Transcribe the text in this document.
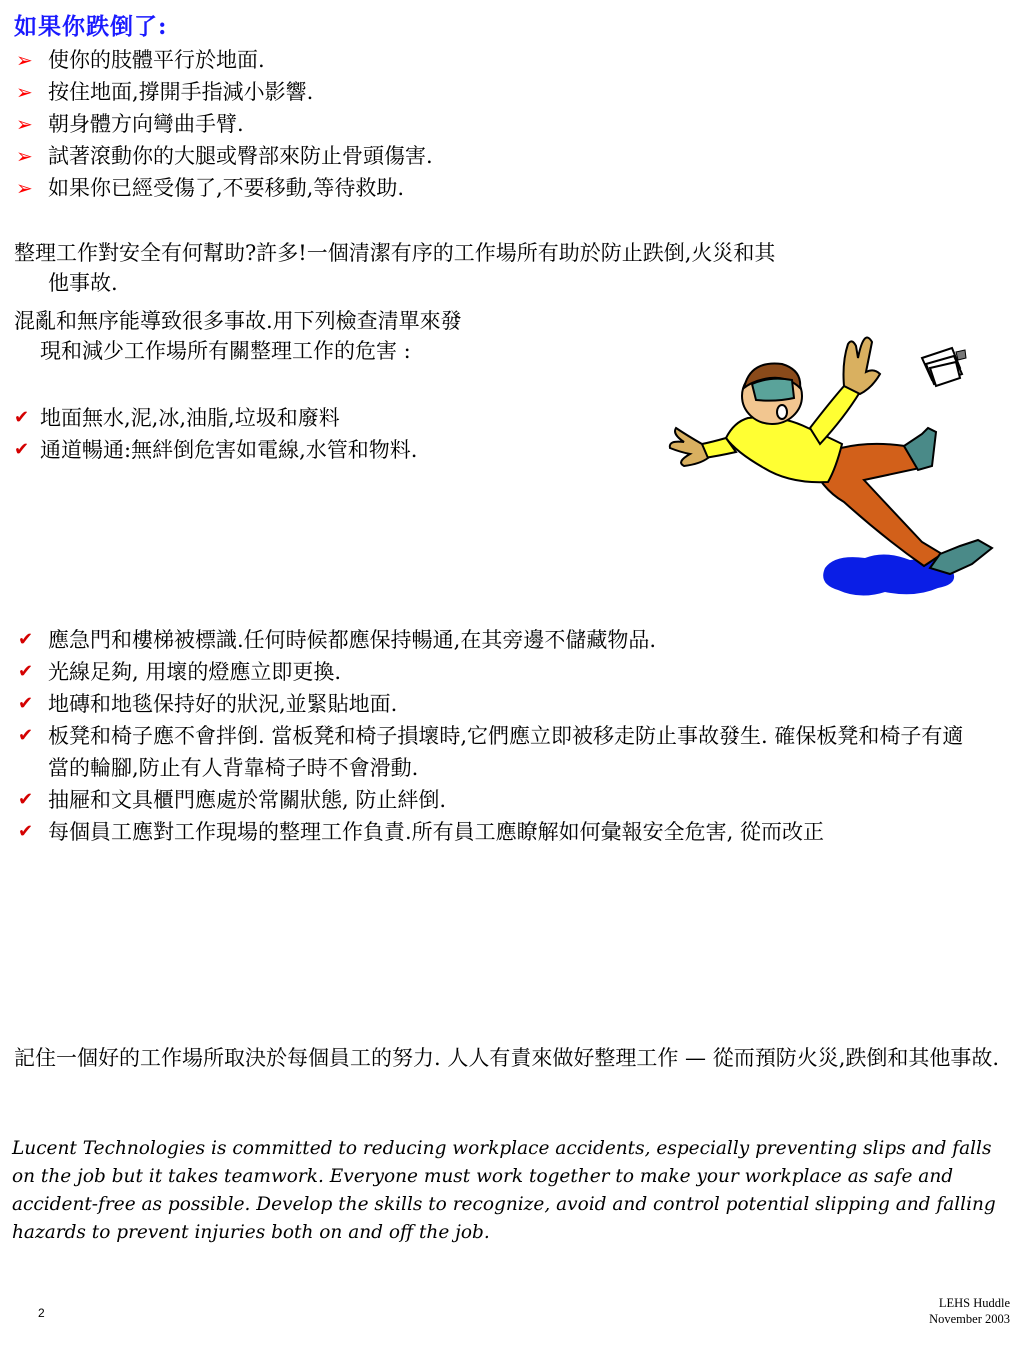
如果你跌倒了:
➢ 使你的肢體平行於地面.
➢ 按住地面,撐開手指減小影響.
➢ 朝身體方向彎曲手臂.
➢ 試著滾動你的大腿或臀部來防止骨頭傷害.
➢ 如果你已經受傷了,不要移動,等待救助.
整理工作對安全有何幫助?許多!一個清潔有序的工作場所有助於防止跌倒,火災和其
他事故.
混亂和無序能導致很多事故.用下列檢查清單來發
現和減少工作場所有關整理工作的危害 :
✔ 地面無水,泥,冰,油脂,垃圾和廢料
✔ 通道暢通:無絆倒危害如電線,水管和物料.
✔ 應急門和樓梯被標識.任何時候都應保持暢通,在其旁邊不儲藏物品.
✔ 光線足夠, 用壞的燈應立即更換.
✔ 地磚和地毯保持好的狀況,並緊貼地面.
✔ 板凳和椅子應不會拌倒. 當板凳和椅子損壞時,它們應立即被移走防止事故發生. 確保板凳和椅子有適當的輪腳,防止有人背靠椅子時不會滑動.
✔ 抽屜和文具櫃門應處於常關狀態, 防止絆倒.
✔ 每個員工應對工作現場的整理工作負責.所有員工應瞭解如何彙報安全危害, 從而改正
記住一個好的工作場所取決於每個員工的努力. 人人有責來做好整理工作 — 從而預防火災,跌倒和其他事故.
Lucent Technologies is committed to reducing workplace accidents, especially preventing slips and falls on the job but it takes teamwork. Everyone must work together to make your workplace as safe and accident-free as possible. Develop the skills to recognize, avoid and control potential slipping and falling hazards to prevent injuries both on and off the job.
2
LEHS Huddle
November 2003
